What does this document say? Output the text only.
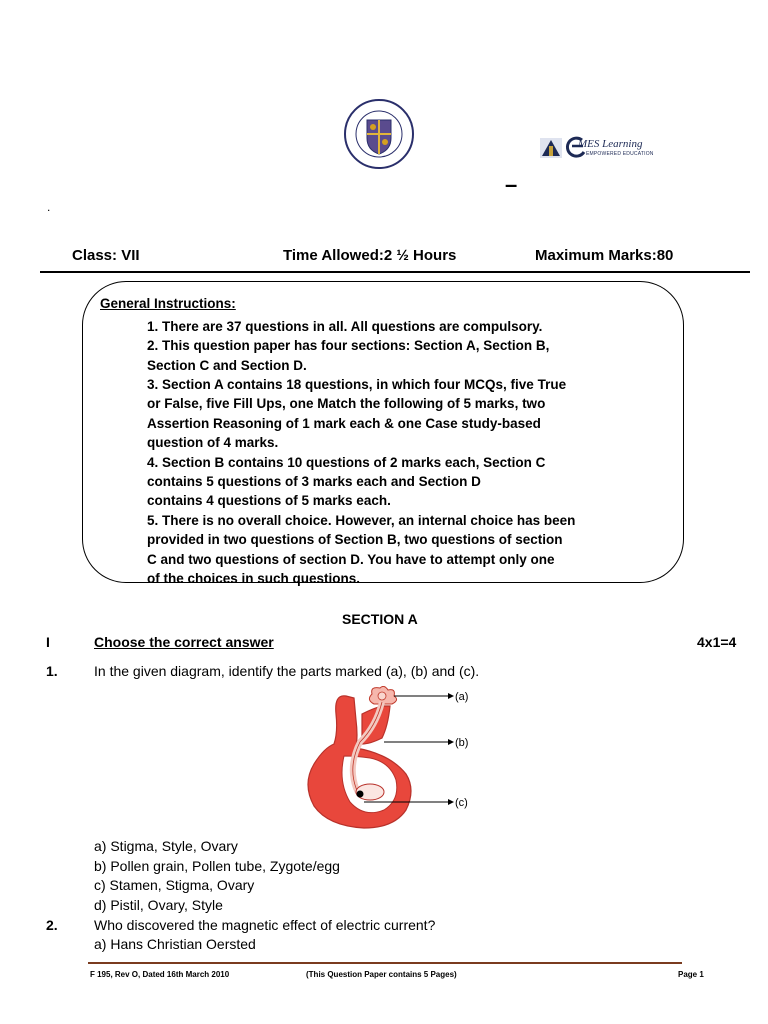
MES Learning
EMPOWERED EDUCATION
–
.
Class: VII	Time Allowed:2 ½ Hours	Maximum Marks:80
General Instructions:
1. There are 37 questions in all. All questions are compulsory.
2. This question paper has four sections: Section A, Section B,
Section C and Section D.
3. Section A contains 18 questions, in which four MCQs, five True
or False, five Fill Ups, one Match the following of 5 marks, two
Assertion Reasoning of 1 mark each & one Case study-based
question of 4 marks.
4. Section B contains 10 questions of 2 marks each, Section C
contains 5 questions of 3 marks each and Section D
contains 4 questions of 5 marks each.
5. There is no overall choice. However, an internal choice has been
provided in two questions of Section B, two questions of section
C and two questions of section D. You have to attempt only one
of the choices in such questions.
SECTION A
I	Choose the correct answer	4x1=4
1.	In the given diagram, identify the parts marked (a), (b) and (c).
(a)
(b)
(c)
a) Stigma, Style, Ovary
b) Pollen grain, Pollen tube, Zygote/egg
c) Stamen, Stigma, Ovary
d) Pistil, Ovary, Style
2.	Who discovered the magnetic effect of electric current?
a) Hans Christian Oersted
F 195, Rev O, Dated 16th March 2010	(This Question Paper contains 5 Pages)	Page 1
